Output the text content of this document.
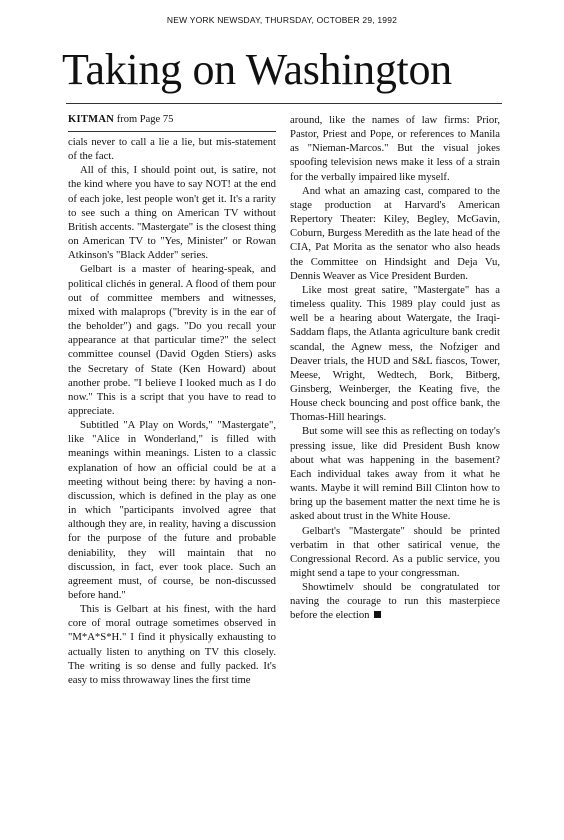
NEW YORK NEWSDAY, THURSDAY, OCTOBER 29, 1992
Taking on Washington
KITMAN from Page 75

cials never to call a lie a lie, but mis-statement of the fact.

All of this, I should point out, is satire, not the kind where you have to say NOT! at the end of each joke, lest people won't get it. It's a rarity to see such a thing on American TV without British accents. "Mastergate" is the closest thing on American TV to "Yes, Minister" or Rowan Atkinson's "Black Adder" series.

Gelbart is a master of hearing-speak, and political clichés in general. A flood of them pour out of committee members and witnesses, mixed with malaprops ("brevity is in the ear of the beholder") and gags. "Do you recall your appearance at that particular time?" the select committee counsel (David Ogden Stiers) asks the Secretary of State (Ken Howard) about another probe. "I believe I looked much as I do now." This is a script that you have to read to appreciate.

Subtitled "A Play on Words," "Mastergate", like "Alice in Wonderland," is filled with meanings within meanings. Listen to a classic explanation of how an official could be at a meeting without being there: by having a non-discussion, which is defined in the play as one in which "participants involved agree that although they are, in reality, having a discussion for the purpose of the future and probable deniability, they will maintain that no discussion, in fact, ever took place. Such an agreement must, of course, be non-discussed before hand."

This is Gelbart at his finest, with the hard core of moral outrage sometimes observed in "M*A*S*H." I find it physically exhausting to actually listen to anything on TV this closely. The writing is so dense and fully packed. It's easy to miss throwaway lines the first time

around, like the names of law firms: Prior, Pastor, Priest and Pope, or references to Manila as "Nieman-Marcos." But the visual jokes spoofing television news make it less of a strain for the verbally impaired like myself.

And what an amazing cast, compared to the stage production at Harvard's American Repertory Theater: Kiley, Begley, McGavin, Coburn, Burgess Meredith as the late head of the CIA, Pat Morita as the senator who also heads the Committee on Hindsight and Deja Vu, Dennis Weaver as Vice President Burden.

Like most great satire, "Mastergate" has a timeless quality. This 1989 play could just as well be a hearing about Watergate, the Iraqi-Saddam flaps, the Atlanta agriculture bank credit scandal, the Agnew mess, the Nofziger and Deaver trials, the HUD and S&L fiascos, Tower, Meese, Wright, Wedtech, Bork, Bitberg, Ginsberg, Weinberger, the Keating five, the House check bouncing and post office bank, the Thomas-Hill hearings.

But some will see this as reflecting on today's pressing issue, like did President Bush know about what was happening in the basement? Each individual takes away from it what he wants. Maybe it will remind Bill Clinton how to bring up the basement matter the next time he is asked about trust in the White House.

Gelbart's "Mastergate" should be printed verbatim in that other satirical venue, the Congressional Record. As a public service, you might send a tape to your congressman.

Showtimelv should be congratulated tor naving the courage to run this masterpiece before the election
